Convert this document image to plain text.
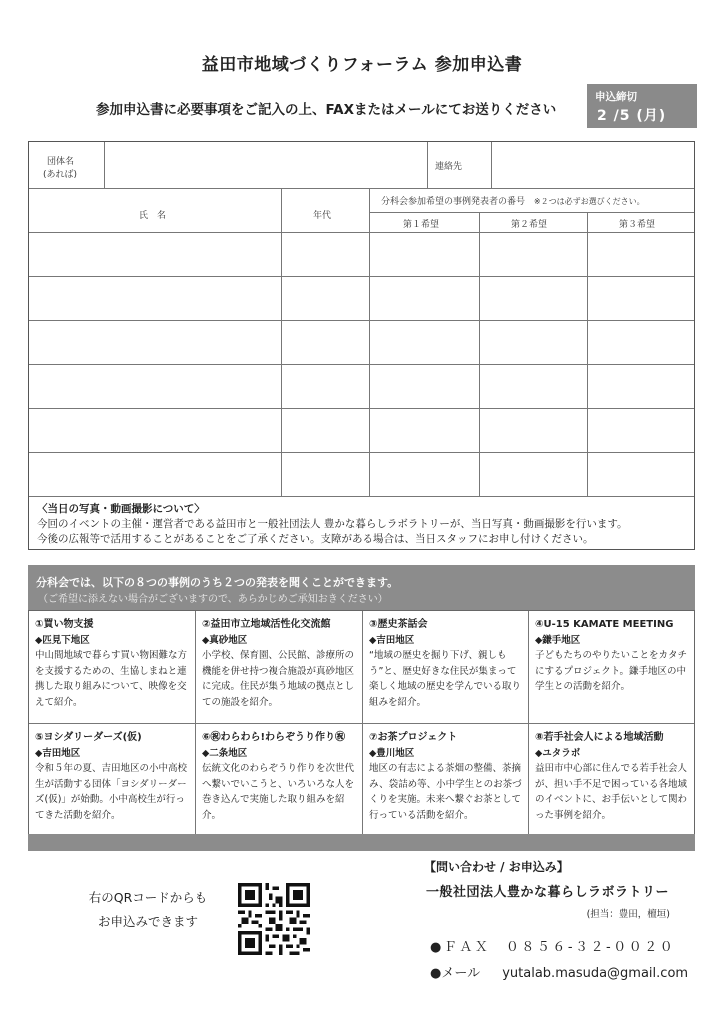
益田市地域づくりフォーラム 参加申込書
参加申込書に必要事項をご記入の上、FAXまたはメールにてお送りください
申込締切
2 /5 (月)
団体名
(あれば)
連絡先
氏　名	年代
分科会参加希望の事例発表者の番号 ※２つは必ずお選びください。
第１希望	第２希望	第３希望
〈当日の写真・動画撮影について〉
今回のイベントの主催・運営者である益田市と一般社団法人 豊かな暮らしラボラトリーが、当日写真・動画撮影を行います。
今後の広報等で活用することがあることをご了承ください。支障がある場合は、当日スタッフにお申し付けください。
分科会では、以下の８つの事例のうち２つの発表を聞くことができます。
（ご希望に添えない場合がございますので、あらかじめご承知おきください）
①買い物支援
◆匹見下地区
中山間地域で暮らす買い物困難な方を支援するための、生協しまねと連携した取り組みについて、映像を交えて紹介。
②益田市立地域活性化交流館
◆真砂地区
小学校、保育園、公民館、診療所の機能を併せ持つ複合施設が真砂地区に完成。住民が集う地域の拠点としての施設を紹介。
③歴史茶話会
◆吉田地区
“地域の歴史を掘り下げ、親しもう”と、歴史好きな住民が集まって楽しく地域の歴史を学んでいる取り組みを紹介。
④U-15 KAMATE MEETING
◆鎌手地区
子どもたちのやりたいことをカタチにするプロジェクト。鎌手地区の中学生との活動を紹介。
⑤ヨシダリーダーズ(仮)
◆吉田地区
令和５年の夏、吉田地区の小中高校生が活動する団体「ヨシダリーダーズ(仮)」が始動。小中高校生が行ってきた活動を紹介。
⑥㊗わらわら!わらぞうり作り㊗
◆二条地区
伝統文化のわらぞうり作りを次世代へ繋いでいこうと、いろいろな人を巻き込んで実施した取り組みを紹介。
⑦お茶プロジェクト
◆豊川地区
地区の有志による茶畑の整備、茶摘み、袋詰め等、小中学生とのお茶づくりを実施。未来へ繋ぐお茶として行っている活動を紹介。
⑧若手社会人による地域活動
◆ユタラボ
益田市中心部に住んでる若手社会人が、担い手不足で困っている各地域のイベントに、お手伝いとして関わった事例を紹介。
右のQRコードからも
お申込みできます
【問い合わせ / お申込み】
一般社団法人豊かな暮らしラボラトリー
(担当：豊田，檀垣)
●ＦＡＸ　０８５６-３２-００２０
●メール yutalab.masuda@gmail.com
